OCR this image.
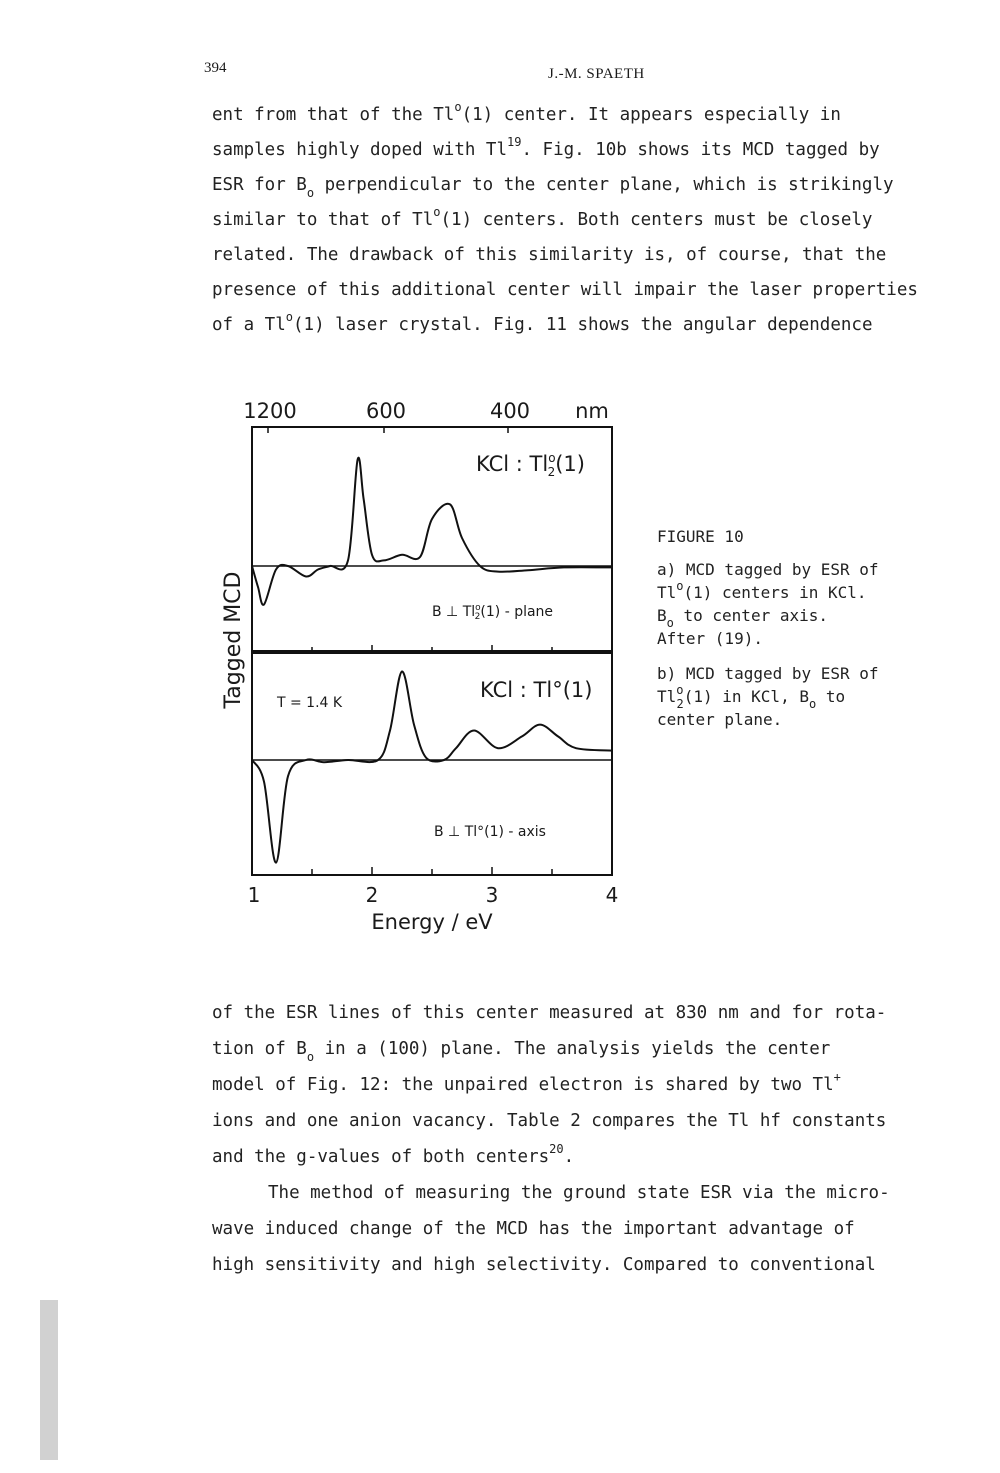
394	J.-M. SPAETH
ent from that of the Tl$^o$(1) center. It appears especially in
samples highly doped with Tl$^{19}$. Fig. 10b shows its MCD tagged by
ESR for $B_o$ perpendicular to the center plane, which is strikingly
similar to that of Tl$^o$(1) centers. Both centers must be closely
related. The drawback of this similarity is, of course, that the
presence of this additional center will impair the laser properties
of a Tl$^o$(1) laser crystal. Fig. 11 shows the angular dependence
1200	600	400 nm
KCl : Tl$^o$ 2(1)
B ⊥ Tl$^o$ 2(1) - plane
KCl : Tl°(1)
T = 1.4 K
B ⊥ Tl°(1) - axis
Tagged MCD
1	2	3	4
Energy / eV
FIGURE 10
a) MCD tagged by ESR of
Tl$^o$(1) centers in KCl.
$B_o$ to center axis.
After (19).
b) MCD tagged by ESR of
$Tl^o_2(1)$ in KCl, $B_o$ to
center plane.
of the ESR lines of this center measured at 830 nm and for rota-
tion of $B_o$ in a (100) plane. The analysis yields the center
model of Fig. 12: the unpaired electron is shared by two Tl+
ions and one anion vacancy. Table 2 compares the Tl hf constants
and the g-values of both centers$^{20}$.
The method of measuring the ground state ESR via the micro-
wave induced change of the MCD has the important advantage of
high sensitivity and high selectivity. Compared to conventional
